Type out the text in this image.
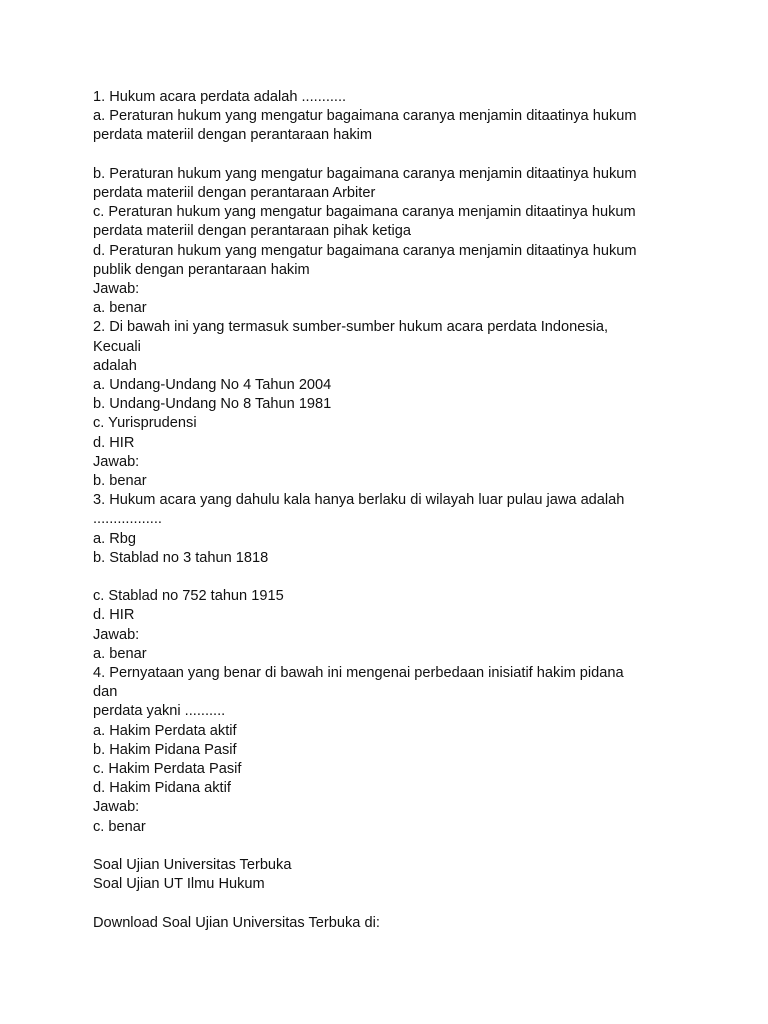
1. Hukum acara perdata adalah ...........
a. Peraturan hukum yang mengatur bagaimana caranya menjamin ditaatinya hukum
perdata materiil dengan perantaraan hakim
b. Peraturan hukum yang mengatur bagaimana caranya menjamin ditaatinya hukum
perdata materiil dengan perantaraan Arbiter
c. Peraturan hukum yang mengatur bagaimana caranya menjamin ditaatinya hukum
perdata materiil dengan perantaraan pihak ketiga
d. Peraturan hukum yang mengatur bagaimana caranya menjamin ditaatinya hukum
publik dengan perantaraan hakim
Jawab:
a. benar
2. Di bawah ini yang termasuk sumber-sumber hukum acara perdata Indonesia,
Kecuali
adalah
a. Undang-Undang No 4 Tahun 2004
b. Undang-Undang No 8 Tahun 1981
c. Yurisprudensi
d. HIR
Jawab:
b. benar
3. Hukum acara yang dahulu kala hanya berlaku di wilayah luar pulau jawa adalah
.................
a. Rbg
b. Stablad no 3 tahun 1818
c. Stablad no 752 tahun 1915
d. HIR
Jawab:
a. benar
4. Pernyataan yang benar di bawah ini mengenai perbedaan inisiatif hakim pidana
dan
perdata yakni ..........
a. Hakim Perdata aktif
b. Hakim Pidana Pasif
c. Hakim Perdata Pasif
d. Hakim Pidana aktif
Jawab:
c. benar
Soal Ujian Universitas Terbuka
Soal Ujian UT Ilmu Hukum
Download Soal Ujian Universitas Terbuka di:
